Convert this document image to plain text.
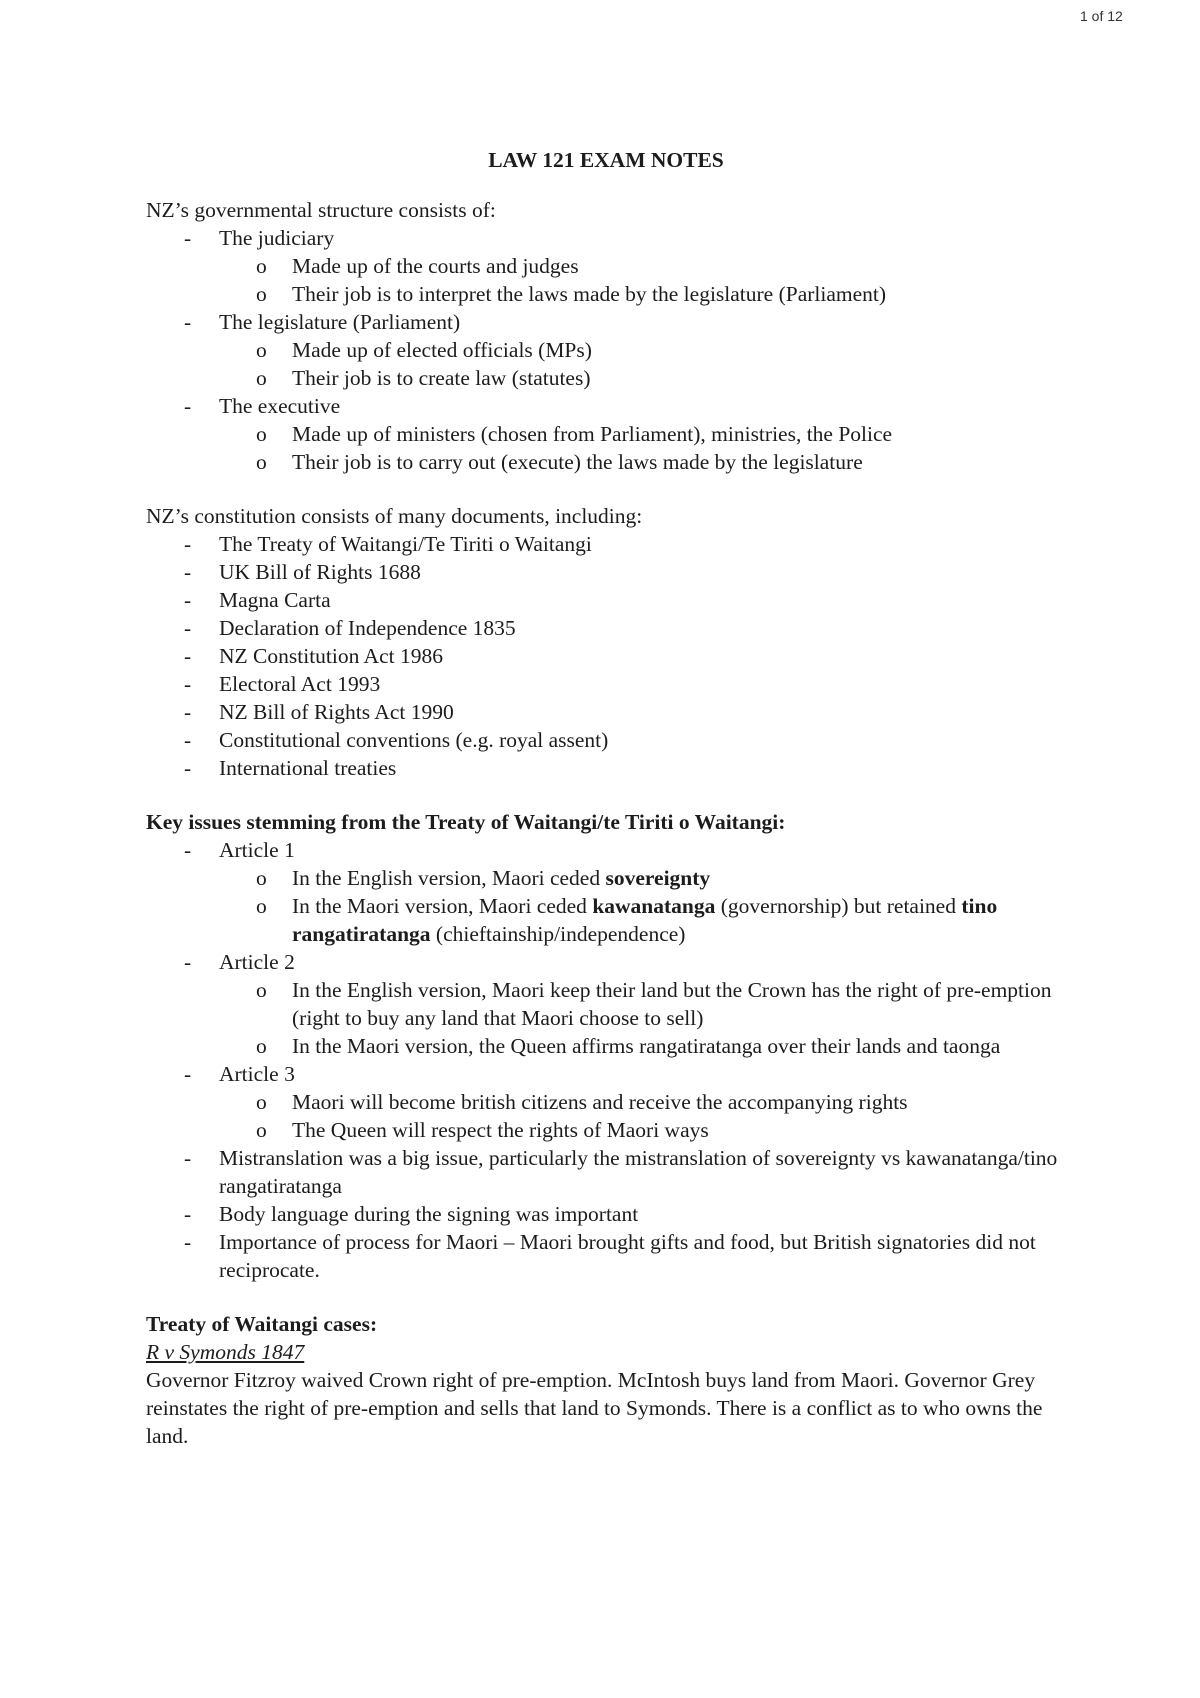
1 of 12

LAW 121 EXAM NOTES

NZ’s governmental structure consists of:

- The judiciary
o Made up of the courts and judges
o Their job is to interpret the laws made by the legislature (Parliament)
- The legislature (Parliament)
o Made up of elected officials (MPs)
o Their job is to create law (statutes)
- The executive
o Made up of ministers (chosen from Parliament), ministries, the Police
o Their job is to carry out (execute) the laws made by the legislature

NZ’s constitution consists of many documents, including:

- The Treaty of Waitangi/Te Tiriti o Waitangi
- UK Bill of Rights 1688
- Magna Carta
- Declaration of Independence 1835
- NZ Constitution Act 1986
- Electoral Act 1993
- NZ Bill of Rights Act 1990
- Constitutional conventions (e.g. royal assent)
- International treaties

Key issues stemming from the Treaty of Waitangi/te Tiriti o Waitangi:

- Article 1
o In the English version, Maori ceded sovereignty
o In the Maori version, Maori ceded kawanatanga (governorship) but retained tino rangatiratanga (chieftainship/independence)
- Article 2
o In the English version, Maori keep their land but the Crown has the right of pre-emption (right to buy any land that Maori choose to sell)
o In the Maori version, the Queen affirms rangatiratanga over their lands and taonga
- Article 3
o Maori will become british citizens and receive the accompanying rights
o The Queen will respect the rights of Maori ways
- Mistranslation was a big issue, particularly the mistranslation of sovereignty vs kawanatanga/tino rangatiratanga
- Body language during the signing was important
- Importance of process for Maori – Maori brought gifts and food, but British signatories did not reciprocate.

Treaty of Waitangi cases:

R v Symonds 1847

Governor Fitzroy waived Crown right of pre-emption. McIntosh buys land from Maori. Governor Grey reinstates the right of pre-emption and sells that land to Symonds. There is a conflict as to who owns the land.
